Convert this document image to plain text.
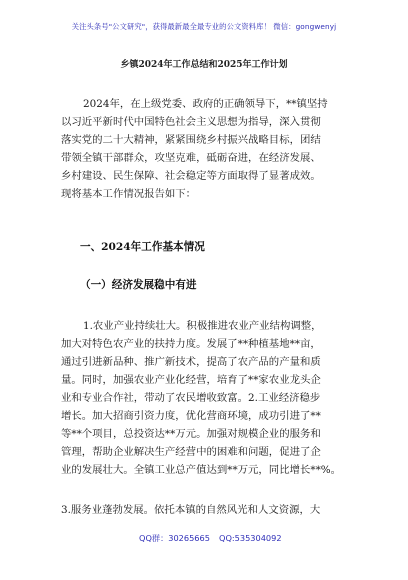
关注头条号"公文研究"，获得最新最全最专业的公文资料库！ 微信：gongwenyj
乡镇2024年工作总结和2025年工作计划
2024年，在上级党委、政府的正确领导下，**镇坚持
以习近平新时代中国特色社会主义思想为指导，深入贯彻
落实党的二十大精神，紧紧围绕乡村振兴战略目标，团结
带领全镇干部群众，攻坚克难，砥砺奋进，在经济发展、
乡村建设、民生保障、社会稳定等方面取得了显著成效。
现将基本工作情况报告如下：
一、2024年工作基本情况
（一）经济发展稳中有进
1.农业产业持续壮大。积极推进农业产业结构调整，
加大对特色农产业的扶持力度。发展了**种植基地**亩，
通过引进新品种、推广新技术，提高了农产品的产量和质
量。同时，加强农业产业化经营，培育了**家农业龙头企
业和专业合作社，带动了农民增收致富。2.工业经济稳步
增长。加大招商引资力度，优化营商环境，成功引进了**
等**个项目，总投资达**万元。加强对规模企业的服务和
管理，帮助企业解决生产经营中的困难和问题，促进了企
业的发展壮大。全镇工业总产值达到**万元，同比增长**%。
3.服务业蓬勃发展。依托本镇的自然风光和人文资源，大
QQ群：30265665 QQ:535304092
